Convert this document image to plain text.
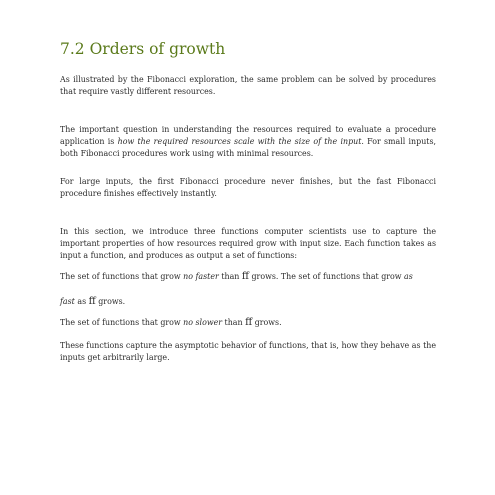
7.2 Orders of growth

As illustrated by the Fibonacci exploration, the same problem can be solved by procedures that require vastly different resources.

The important question in understanding the resources required to evaluate a procedure application is how the required resources scale with the size of the input. For small inputs, both Fibonacci procedures work using with minimal resources.

For large inputs, the first Fibonacci procedure never finishes, but the fast Fibonacci procedure finishes effectively instantly.

In this section, we introduce three functions computer scientists use to capture the important properties of how resources required grow with input size. Each function takes as input a function, and produces as output a set of functions:

The set of functions that grow no faster than ff grows. The set of functions that grow as

fast as ff grows.

The set of functions that grow no slower than ff grows.

These functions capture the asymptotic behavior of functions, that is, how they behave as the inputs get arbitrarily large.
